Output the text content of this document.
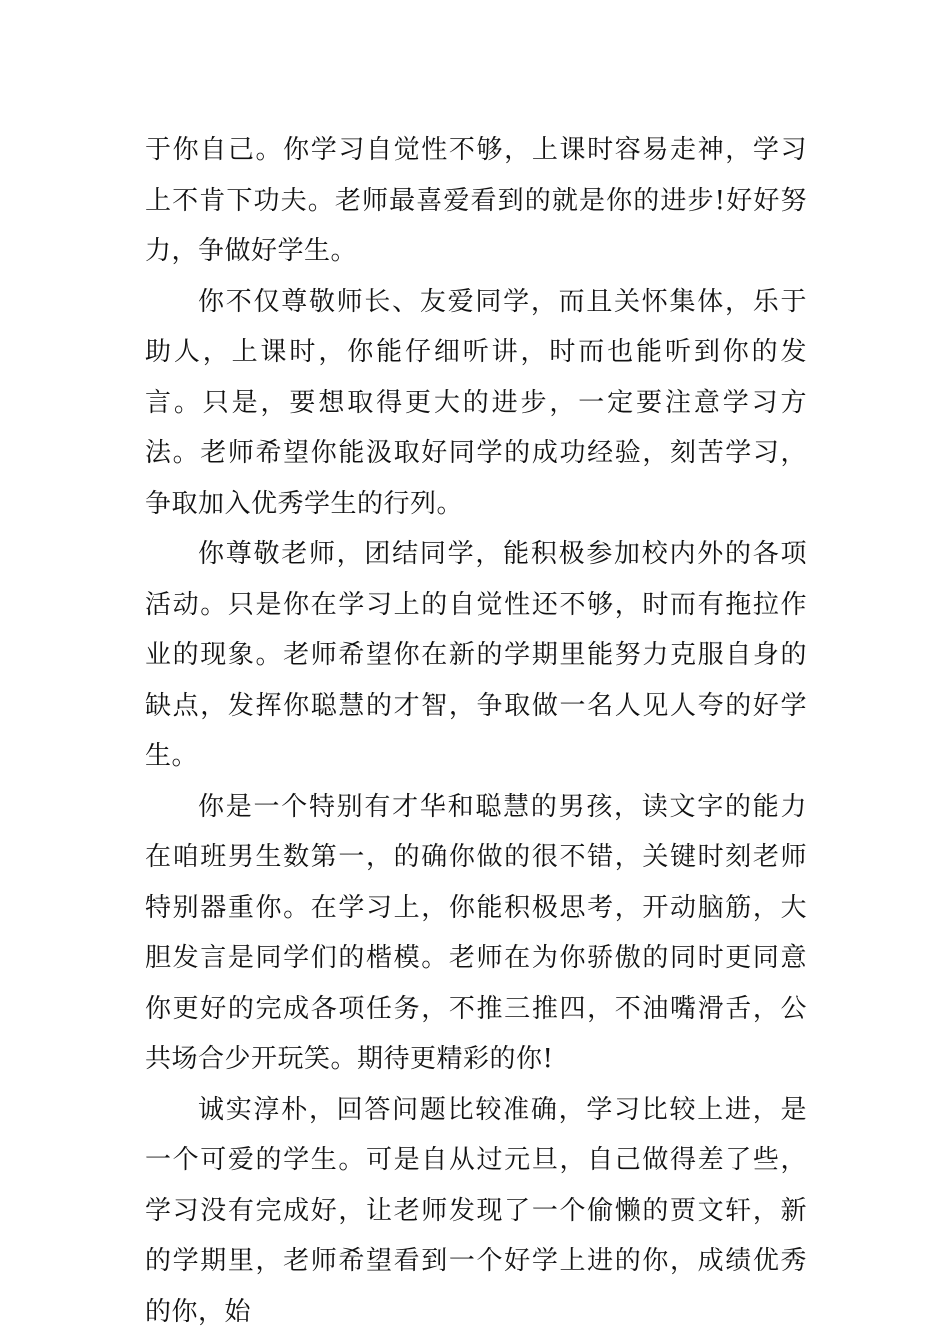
于你自己。你学习自觉性不够，上课时容易走神，学习上不肯下功夫。老师最喜爱看到的就是你的进步!好好努力，争做好学生。

你不仅尊敬师长、友爱同学，而且关怀集体，乐于助人，上课时，你能仔细听讲，时而也能听到你的发言。只是，要想取得更大的进步，一定要注意学习方法。老师希望你能汲取好同学的成功经验，刻苦学习，争取加入优秀学生的行列。

你尊敬老师，团结同学，能积极参加校内外的各项活动。只是你在学习上的自觉性还不够，时而有拖拉作业的现象。老师希望你在新的学期里能努力克服自身的缺点，发挥你聪慧的才智，争取做一名人见人夸的好学生。

你是一个特别有才华和聪慧的男孩，读文字的能力在咱班男生数第一，的确你做的很不错，关键时刻老师特别器重你。在学习上，你能积极思考，开动脑筋，大胆发言是同学们的楷模。老师在为你骄傲的同时更同意你更好的完成各项任务，不推三推四，不油嘴滑舌，公共场合少开玩笑。期待更精彩的你!

诚实淳朴，回答问题比较准确，学习比较上进，是一个可爱的学生。可是自从过元旦，自己做得差了些，学习没有完成好，让老师发现了一个偷懒的贾文轩，新的学期里，老师希望看到一个好学上进的你，成绩优秀的你，始
